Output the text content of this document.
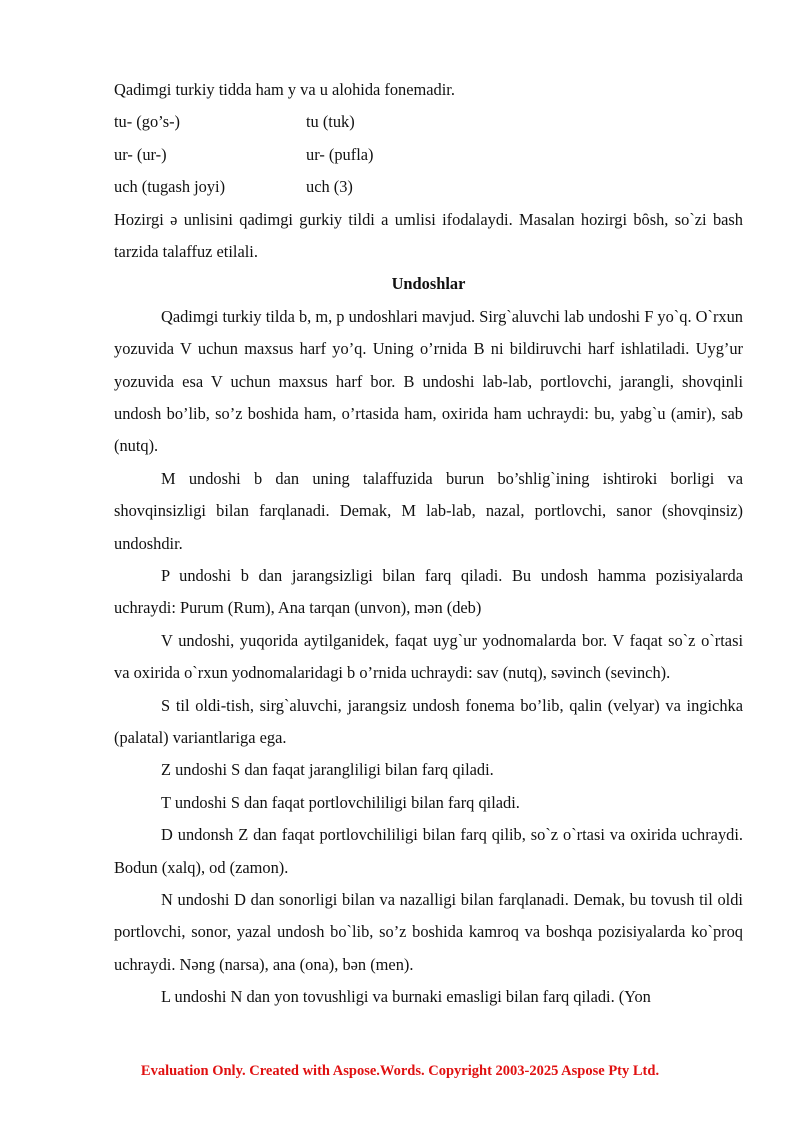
Qadimgi turkiy tidda ham y va u alohida fonemadir.
tu- (go’s-)	tu (tuk)
ur- (ur-)	ur- (pufla)
uch (tugash joyi)	uch (3)

Hozirgi ә unlisini qadimgi gurkiy tildi a umlisi ifodalaydi. Masalan hozirgi bȏsh, so`zi bash tarzida talaffuz etilali.

Undoshlar

Qadimgi turkiy tilda b, m, p undoshlari mavjud. Sirg`aluvchi lab undoshi F yo`q. O`rxun yozuvida V uchun maxsus harf yo’q. Uning o’rnida B ni bildiruvchi harf ishlatiladi. Uyg’ur yozuvida esa V uchun maxsus harf bor. B undoshi lab-lab, portlovchi, jarangli, shovqinli undosh bo’lib, so’z boshida ham, o’rtasida ham, oxirida ham uchraydi: bu, yabg`u (amir), sab (nutq).

M undoshi b dan uning talaffuzida burun bo’shlig`ining ishtiroki borligi va shovqinsizligi bilan farqlanadi. Demak, M lab-lab, nazal, portlovchi, sanor (shovqinsiz) undoshdir.

P undoshi b dan jarangsizligi bilan farq qiladi. Bu undosh hamma pozisiyalarda uchraydi: Purum (Rum), Ana tarqan (unvon), mәn (deb)

V undoshi, yuqorida aytilganidek, faqat uyg`ur yodnomalarda bor. V faqat so`z o`rtasi va oxirida o`rxun yodnomalaridagi b o’rnida uchraydi: sav (nutq), sәvinch (sevinch).

S til oldi-tish, sirg`aluvchi, jarangsiz undosh fonema bo’lib, qalin (velyar) va ingichka (palatal) variantlariga ega.

Z undoshi S dan faqat jarangliligi bilan farq qiladi.

T undoshi S dan faqat portlovchililigi bilan farq qiladi.

D undonsh Z dan faqat portlovchililigi bilan farq qilib, so`z o`rtasi va oxirida uchraydi. Bodun (xalq), od (zamon).

N undoshi D dan sonorligi bilan va nazalligi bilan farqlanadi. Demak, bu tovush til oldi portlovchi, sonor, yazal undosh bo`lib, so’z boshida kamroq va boshqa pozisiyalarda ko`proq uchraydi. Nәng (narsa), ana (ona), bәn (men).

L undoshi N dan yon tovushligi va burnaki emasligi bilan farq qiladi. (Yon

Evaluation Only. Created with Aspose.Words. Copyright 2003-2025 Aspose Pty Ltd.
